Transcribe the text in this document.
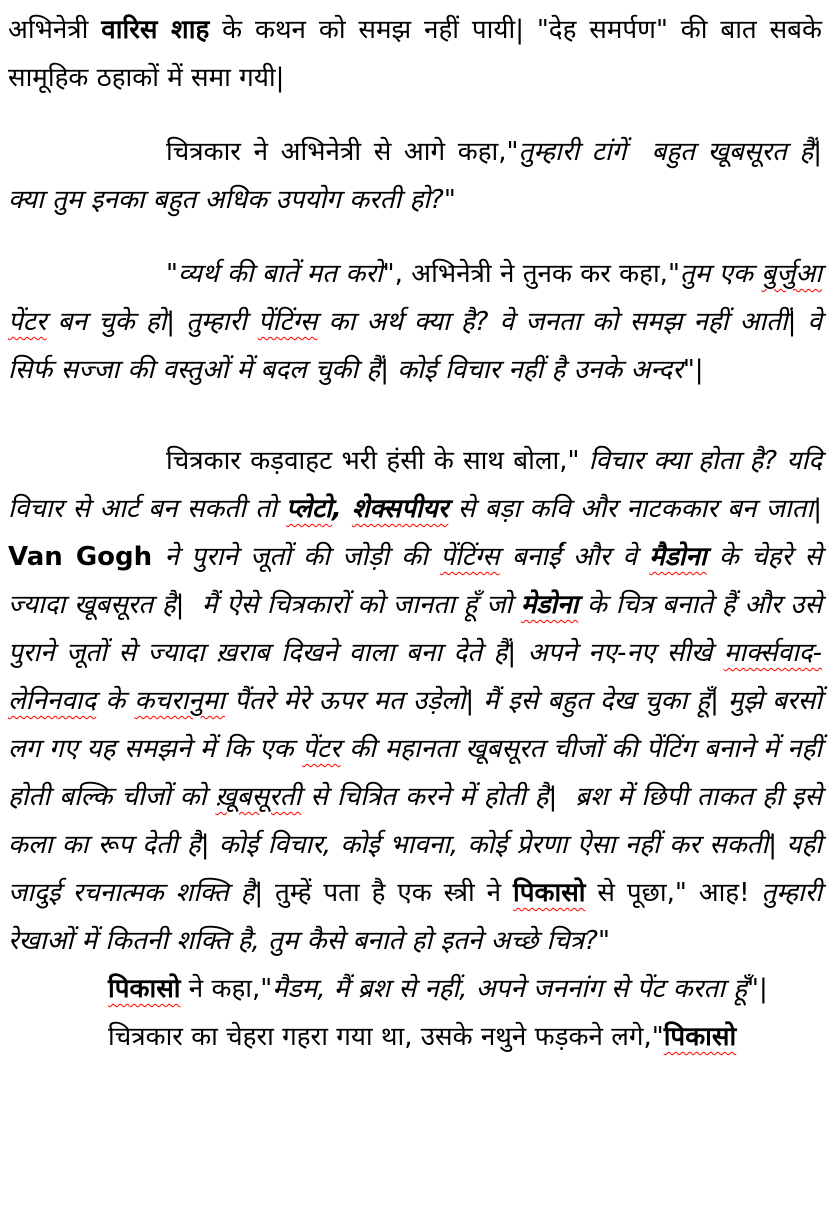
अभिनेत्री वारिस शाह के कथन को समझ नहीं पायी| "देह समर्पण" की बात सबके सामूहिक ठहाकों में समा गयी|

चित्रकार ने अभिनेत्री से आगे कहा,"तुम्हारी टांगें  बहुत खूबसूरत हैं| क्या तुम इनका बहुत अधिक उपयोग करती हो?"

"व्यर्थ की बातें मत करो", अभिनेत्री ने तुनक कर कहा,"तुम एक बुर्जुआ पेंटर बन चुके हो| तुम्हारी पेंटिंग्स का अर्थ क्या है? वे जनता को समझ नहीं आतीं| वे सिर्फ सज्जा की वस्तुओं में बदल चुकी हैं| कोई विचार नहीं है उनके अन्दर"|

चित्रकार कड़वाहट भरी हंसी के साथ बोला," विचार क्या होता है? यदि विचार से आर्ट बन सकती तो प्लेटो, शेक्सपीयर से बड़ा कवि और नाटककार बन जाता| Van Gogh ने पुराने जूतों की जोड़ी की पेंटिंग्स बनाईं और वे मैडोना के चेहरे से ज्यादा खूबसूरत है|  मैं ऐसे चित्रकारों को जानता हूँ जो मेडोना के चित्र बनाते हैं और उसे पुराने जूतों से ज्यादा ख़राब दिखने वाला बना देते हैं| अपने नए-नए सीखे मार्क्सवाद-लेनिनवाद के कचरानुमा पैंतरे मेरे ऊपर मत उड़ेलो| मैं इसे बहुत देख चुका हूँ| मुझे बरसों लग गए यह समझने में कि एक पेंटर की महानता खूबसूरत चीजों की पेंटिंग बनाने में नहीं होती बल्कि चीजों को ख़ूबसूरती से चित्रित करने में होती है|  ब्रश में छिपी ताकत ही इसे कला का रूप देती है| कोई विचार, कोई भावना, कोई प्रेरणा ऐसा नहीं कर सकती| यही जादुई रचनात्मक शक्ति है| तुम्हें पता है एक स्त्री ने पिकासो से पूछा," आह! तुम्हारी रेखाओं में कितनी शक्ति है, तुम कैसे बनाते हो इतने अच्छे चित्र?"

पिकासो ने कहा,"मैडम, मैं ब्रश से नहीं, अपने जननांग से पेंट करता हूँ"|

चित्रकार का चेहरा गहरा गया था, उसके नथुने फड़कने लगे,"पिकासो
